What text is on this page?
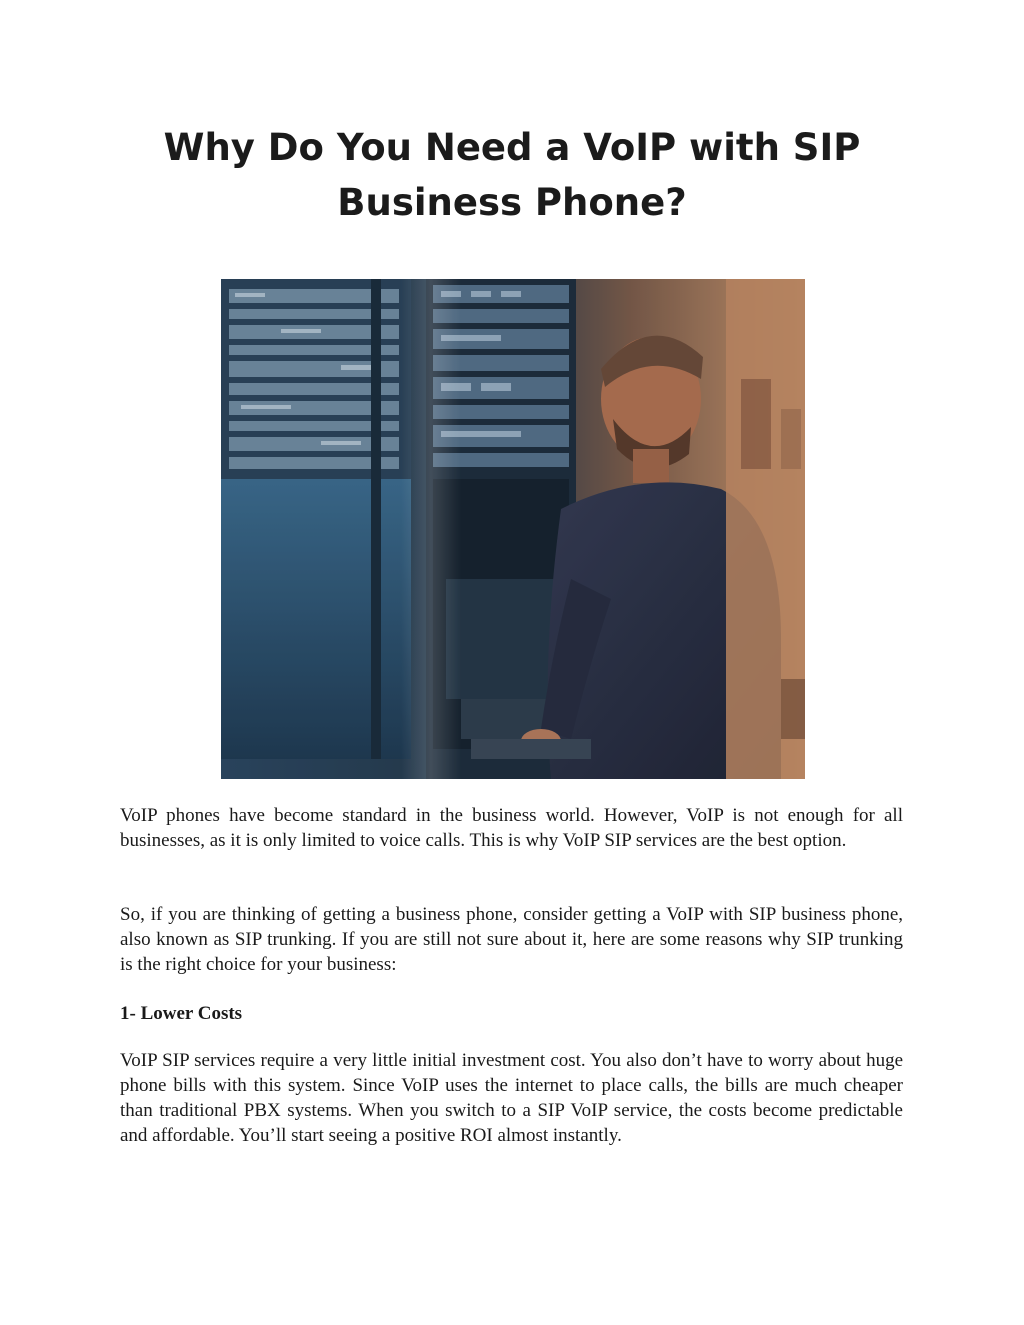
Why Do You Need a VoIP with SIP Business Phone?

VoIP phones have become standard in the business world. However, VoIP is not enough for all businesses, as it is only limited to voice calls. This is why VoIP SIP services are the best option.

So, if you are thinking of getting a business phone, consider getting a VoIP with SIP business phone, also known as SIP trunking. If you are still not sure about it, here are some reasons why SIP trunking is the right choice for your business:

1- Lower Costs

VoIP SIP services require a very little initial investment cost. You also don’t have to worry about huge phone bills with this system. Since VoIP uses the internet to place calls, the bills are much cheaper than traditional PBX systems. When you switch to a SIP VoIP service, the costs become predictable and affordable. You’ll start seeing a positive ROI almost instantly.
